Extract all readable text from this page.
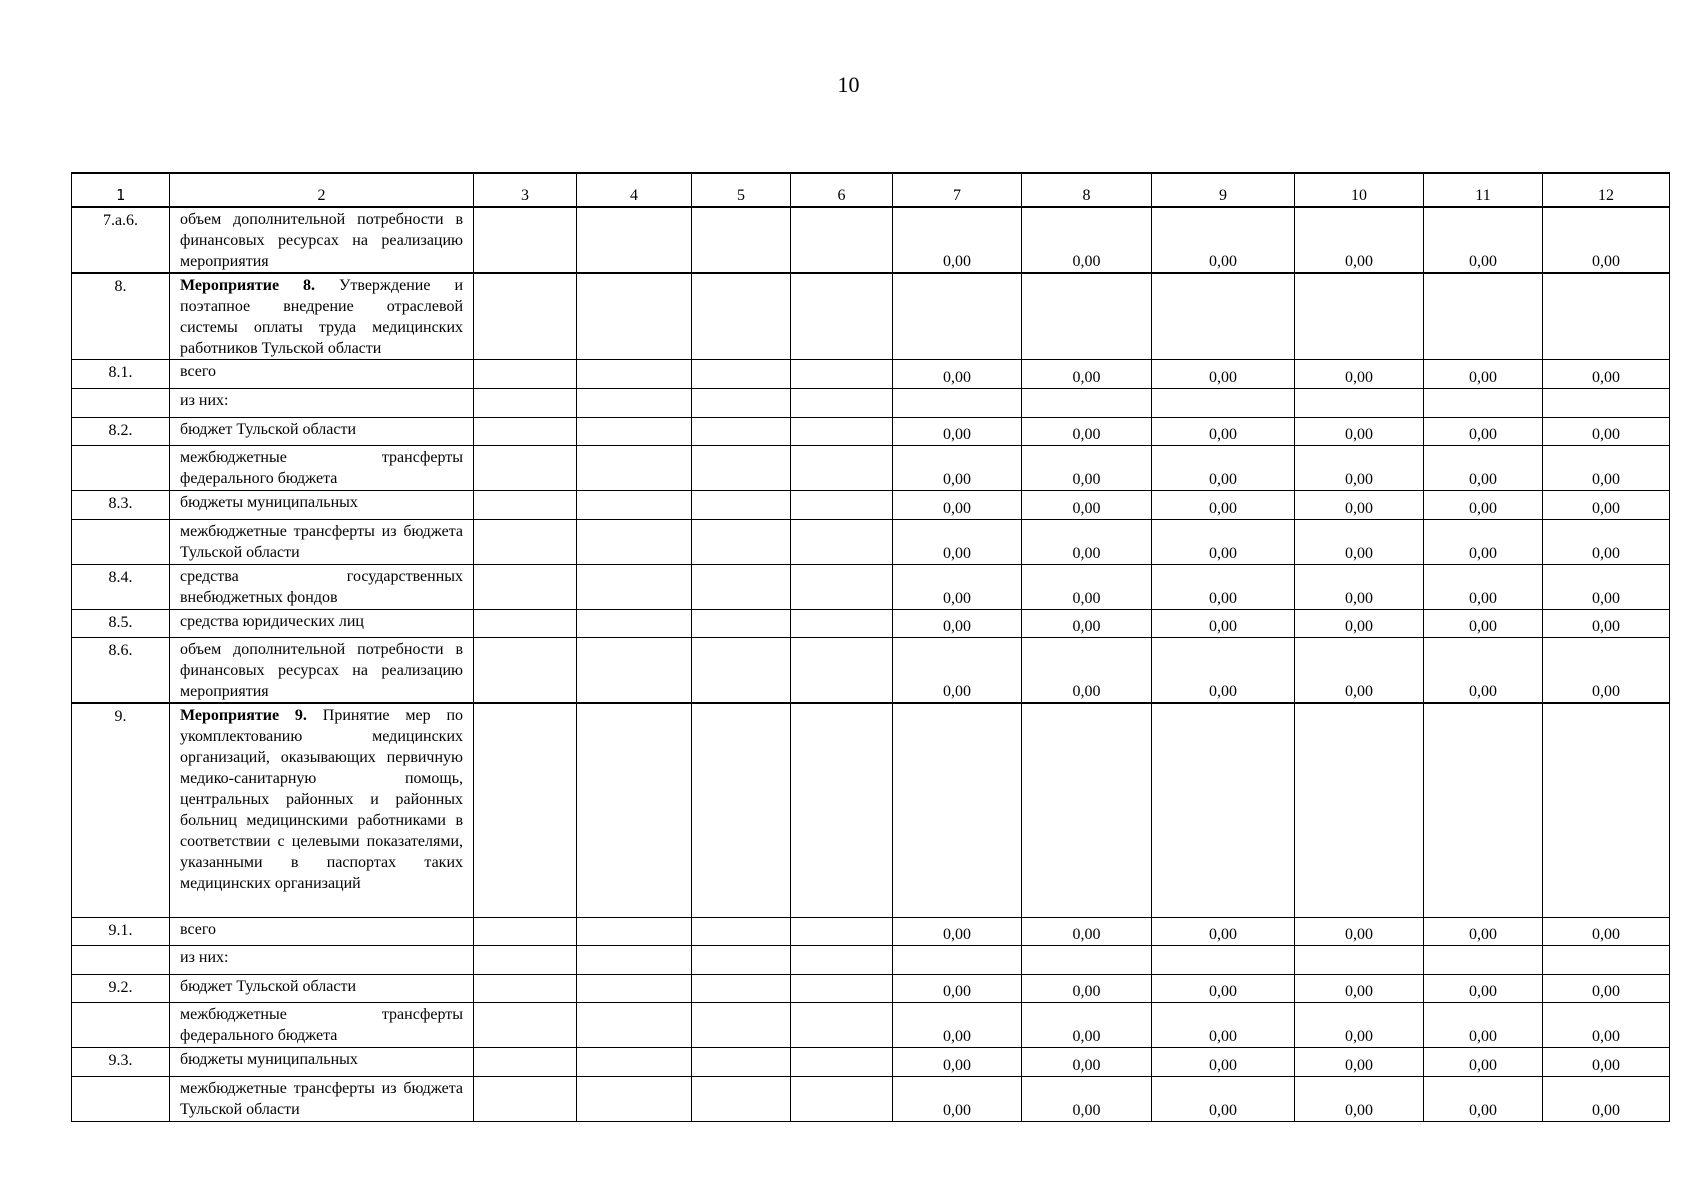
10
1	2	3	4	5	6	7	8	9	10	11	12
7.а.6.	объем дополнительной потребности в финансовых ресурсах на реализацию мероприятия					0,00	0,00	0,00	0,00	0,00	0,00
8.	Мероприятие 8. Утверждение и поэтапное внедрение отраслевой системы оплаты труда медицинских работников Тульской области										
8.1.	всего					0,00	0,00	0,00	0,00	0,00	0,00
	из них:										
8.2.	бюджет Тульской области					0,00	0,00	0,00	0,00	0,00	0,00
	межбюджетные трансферты федерального бюджета					0,00	0,00	0,00	0,00	0,00	0,00
8.3.	бюджеты муниципальных					0,00	0,00	0,00	0,00	0,00	0,00
	межбюджетные трансферты из бюджета Тульской области					0,00	0,00	0,00	0,00	0,00	0,00
8.4.	средства государственных внебюджетных фондов					0,00	0,00	0,00	0,00	0,00	0,00
8.5.	средства юридических лиц					0,00	0,00	0,00	0,00	0,00	0,00
8.6.	объем дополнительной потребности в финансовых ресурсах на реализацию мероприятия					0,00	0,00	0,00	0,00	0,00	0,00
9.	Мероприятие 9. Принятие мер по укомплектованию медицинских организаций, оказывающих первичную медико-санитарную помощь, центральных районных и районных больниц медицинскими работниками в соответствии с целевыми показателями, указанными в паспортах таких медицинских организаций										
9.1.	всего					0,00	0,00	0,00	0,00	0,00	0,00
	из них:										
9.2.	бюджет Тульской области					0,00	0,00	0,00	0,00	0,00	0,00
	межбюджетные трансферты федерального бюджета					0,00	0,00	0,00	0,00	0,00	0,00
9.3.	бюджеты муниципальных					0,00	0,00	0,00	0,00	0,00	0,00
	межбюджетные трансферты из бюджета Тульской области					0,00	0,00	0,00	0,00	0,00	0,00
